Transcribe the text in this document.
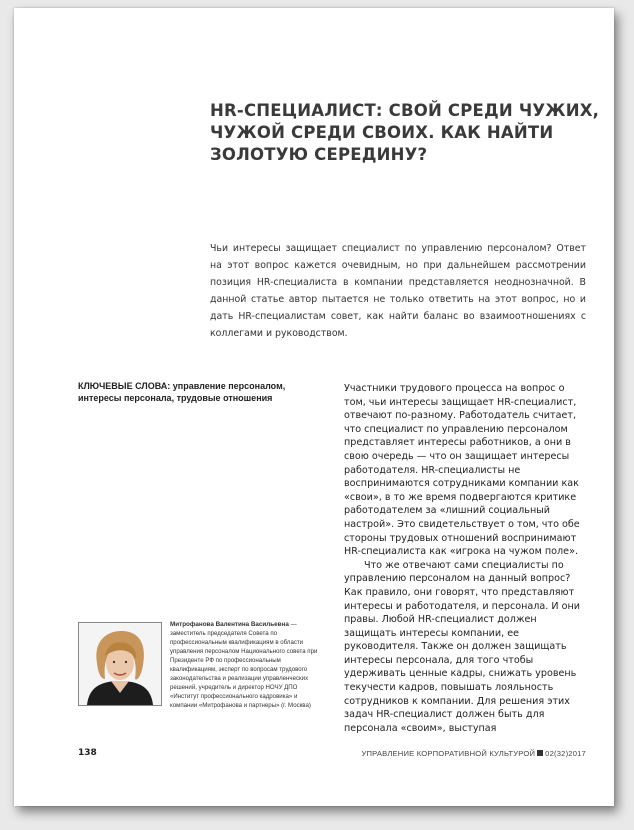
HR-СПЕЦИАЛИСТ: СВОЙ СРЕДИ ЧУЖИХ,
ЧУЖОЙ СРЕДИ СВОИХ. КАК НАЙТИ
ЗОЛОТУЮ СЕРЕДИНУ?
Чьи интересы защищает специалист по управлению персоналом? Ответ на этот вопрос кажется очевидным, но при дальнейшем рассмотрении позиция HR-специалиста в компании представляется неоднозначной. В данной статье автор пытается не только ответить на этот вопрос, но и дать HR-специалистам совет, как найти баланс во взаимоотношениях с коллегами и руководством.
КЛЮЧЕВЫЕ СЛОВА: управление персоналом, интересы персонала, трудовые отношения

Участники трудового процесса на вопрос о том, чьи интересы защищает HR-специалист, отвечают по-разному. Работодатель считает, что специалист по управлению персоналом представляет интересы работников, а они в свою очередь — что он защищает интересы работодателя. HR-специалисты не воспринимаются сотрудниками компании как «свои», в то же время подвергаются критике работодателем за «лишний социальный настрой». Это свидетельствует о том, что обе стороны трудовых отношений воспринимают HR-специалиста как «игрока на чужом поле».

Что же отвечают сами специалисты по управлению персоналом на данный вопрос? Как правило, они говорят, что представляют интересы и работодателя, и персонала. И они правы. Любой HR-специалист должен защищать интересы компании, ее руководителя. Также он должен защищать интересы персонала, для того чтобы удерживать ценные кадры, снижать уровень текучести кадров, повышать лояльность сотрудников к компании. Для решения этих задач HR-специалист должен быть для персонала «своим», выступая

Митрофанова Валентина Васильевна — заместитель председателя Совета по профессиональным квалификациям в области управления персоналом Национального совета при Президенте РФ по профессиональным квалификациям, эксперт по вопросам трудового законодательства и реализации управленческих решений, учредитель и директор НОЧУ ДПО «Институт профессионального кадровика» и компании «Митрофанова и партнеры» (г. Москва)
138	УПРАВЛЕНИЕ КОРПОРАТИВНОЙ КУЛЬТУРОЙ 02(32)2017
